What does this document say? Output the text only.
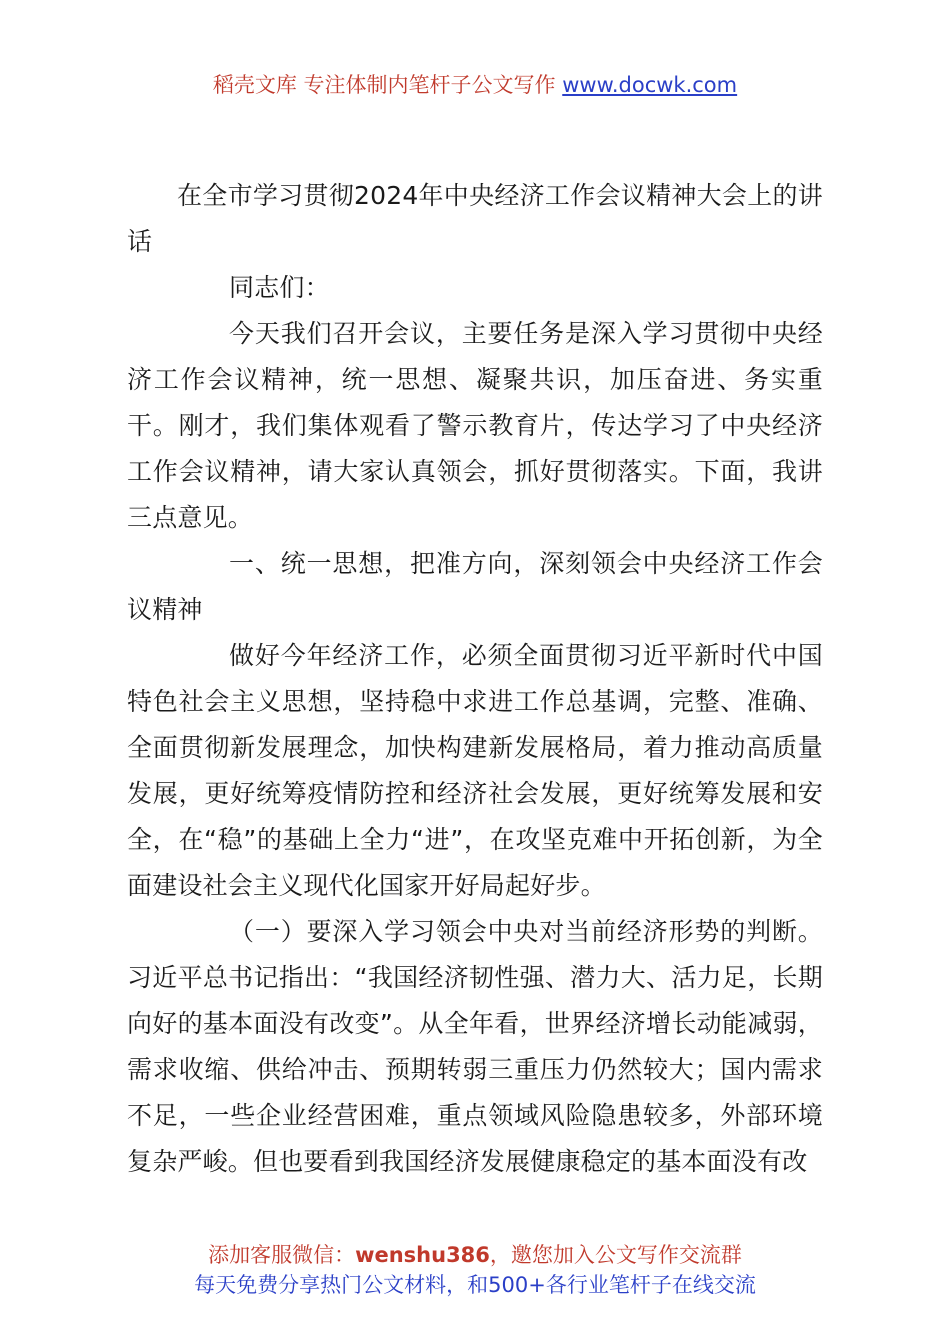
稻壳文库 专注体制内笔杆子公文写作 www.docwk.com

在全市学习贯彻2024年中央经济工作会议精神大会上的讲话

同志们：

今天我们召开会议，主要任务是深入学习贯彻中央经济工作会议精神，统一思想、凝聚共识，加压奋进、务实重干。刚才，我们集体观看了警示教育片，传达学习了中央经济工作会议精神，请大家认真领会，抓好贯彻落实。下面，我讲三点意见。

一、统一思想，把准方向，深刻领会中央经济工作会议精神

做好今年经济工作，必须全面贯彻习近平新时代中国特色社会主义思想，坚持稳中求进工作总基调，完整、准确、全面贯彻新发展理念，加快构建新发展格局，着力推动高质量发展，更好统筹疫情防控和经济社会发展，更好统筹发展和安全，在“稳”的基础上全力“进”，在攻坚克难中开拓创新，为全面建设社会主义现代化国家开好局起好步。

（一）要深入学习领会中央对当前经济形势的判断。习近平总书记指出：“我国经济韧性强、潜力大、活力足，长期向好的基本面没有改变”。从全年看，世界经济增长动能减弱，需求收缩、供给冲击、预期转弱三重压力仍然较大；国内需求不足，一些企业经营困难，重点领域风险隐患较多，外部环境复杂严峻。但也要看到我国经济发展健康稳定的基本面没有改

添加客服微信：wenshu386，邀您加入公文写作交流群
每天免费分享热门公文材料，和500+各行业笔杆子在线交流
